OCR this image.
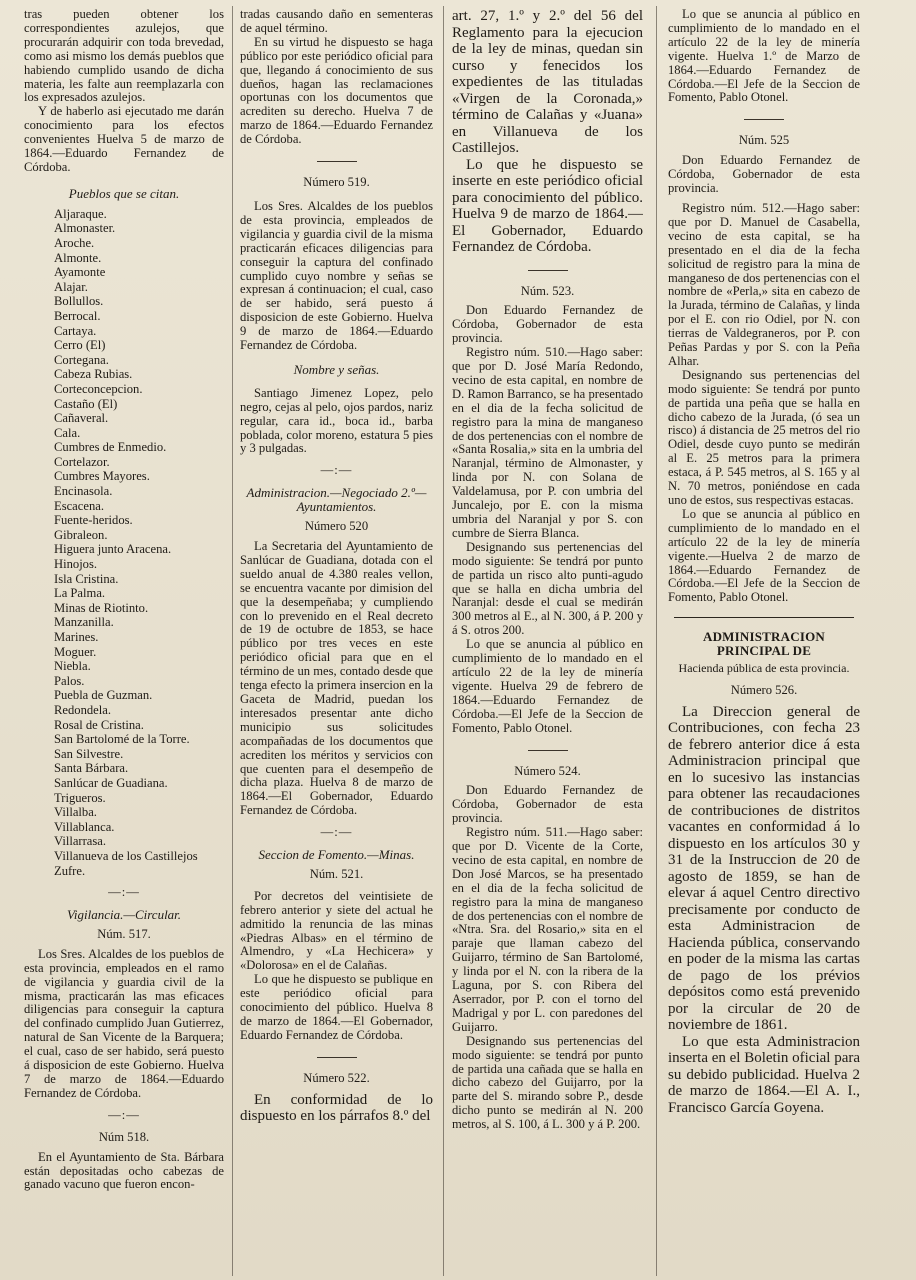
tras pueden obtener los correspondientes azulejos, que procurarán adquirir con toda brevedad, como asi mismo los demás pueblos que habiendo cumplido usando de dicha materia, les falte aun reemplazarla con los expresados azulejos.

Y de haberlo asi ejecutado me darán conocimiento para los efectos convenientes Huelva 5 de marzo de 1864.—Eduardo Fernandez de Córdoba.

Pueblos que se citan.

Aljaraque.
Almonaster.
Aroche.
Almonte.
Ayamonte
Alajar.
Bollullos.
Berrocal.
Cartaya.
Cerro (El)
Cortegana.
Cabeza Rubias.
Corteconcepcion.
Castaño (El)
Cañaveral.
Cala.
Cumbres de Enmedio.
Cortelazor.
Cumbres Mayores.
Encinasola.
Escacena.
Fuente-heridos.
Gibraleon.
Higuera junto Aracena.
Hinojos.
Isla Cristina.
La Palma.
Minas de Riotinto.
Manzanilla.
Marines.
Moguer.
Niebla.
Palos.
Puebla de Guzman.
Redondela.
Rosal de Cristina.
San Bartolomé de la Torre.
San Silvestre.
Santa Bárbara.
Sanlúcar de Guadiana.
Trigueros.
Villalba.
Villablanca.
Villarrasa.
Villanueva de los Castillejos
Zufre.

—:—

Vigilancia.—Circular.

Núm. 517.

Los Sres. Alcaldes de los pueblos de esta provincia, empleados en el ramo de vigilancia y guardia civil de la misma, practicarán las mas eficaces diligencias para conseguir la captura del confinado cumplido Juan Gutierrez, natural de San Vicente de la Barquera; el cual, caso de ser habido, será puesto á disposicion de este Gobierno. Huelva 7 de marzo de 1864.—Eduardo Fernandez de Córdoba.

—:—

Núm 518.

En el Ayuntamiento de Sta. Bárbara están depositadas ocho cabezas de ganado vacuno que fueron encon-

tradas causando daño en sementeras de aquel término.

En su virtud he dispuesto se haga público por este periódico oficial para que, llegando á conocimiento de sus dueños, hagan las reclamaciones oportunas con los documentos que acrediten su derecho. Huelva 7 de marzo de 1864.—Eduardo Fernandez de Córdoba.

Número 519.

Los Sres. Alcaldes de los pueblos de esta provincia, empleados de vigilancia y guardia civil de la misma practicarán eficaces diligencias para conseguir la captura del confinado cumplido cuyo nombre y señas se expresan á continuacion; el cual, caso de ser habido, será puesto á disposicion de este Gobierno. Huelva 9 de marzo de 1864.—Eduardo Fernandez de Córdoba.

Nombre y señas.

Santiago Jimenez Lopez, pelo negro, cejas al pelo, ojos pardos, nariz regular, cara id., boca id., barba poblada, color moreno, estatura 5 pies y 3 pulgadas.

—:—

Administracion.—Negociado 2.º—Ayuntamientos.

Número 520

La Secretaria del Ayuntamiento de Sanlúcar de Guadiana, dotada con el sueldo anual de 4.380 reales vellon, se encuentra vacante por dimision del que la desempeñaba; y cumpliendo con lo prevenido en el Real decreto de 19 de octubre de 1853, se hace público por tres veces en este periódico oficial para que en el término de un mes, contado desde que tenga efecto la primera insercion en la Gaceta de Madrid, puedan los interesados presentar ante dicho municipio sus solicitudes acompañadas de los documentos que acrediten los méritos y servicios con que cuenten para el desempeño de dicha plaza. Huelva 8 de marzo de 1864.—El Gobernador, Eduardo Fernandez de Córdoba.

—:—

Seccion de Fomento.—Minas.

Núm. 521.

Por decretos del veintisiete de febrero anterior y siete del actual he admitido la renuncia de las minas «Piedras Albas» en el término de Almendro, y «La Hechicera» y «Dolorosa» en el de Calañas.

Lo que he dispuesto se publique en este periódico oficial para conocimiento del público. Huelva 8 de marzo de 1864.—El Gobernador, Eduardo Fernandez de Córdoba.

Número 522.

En conformidad de lo dispuesto en los párrafos 8.º del

art. 27, 1.º y 2.º del 56 del Reglamento para la ejecucion de la ley de minas, quedan sin curso y fenecidos los expedientes de las tituladas «Virgen de la Coronada,» término de Calañas y «Juana» en Villanueva de los Castillejos.

Lo que he dispuesto se inserte en este periódico oficial para conocimiento del público. Huelva 9 de marzo de 1864.—El Gobernador, Eduardo Fernandez de Córdoba.

Núm. 523.

Don Eduardo Fernandez de Córdoba, Gobernador de esta provincia.

Registro núm. 510.—Hago saber: que por D. José María Redondo, vecino de esta capital, en nombre de D. Ramon Barranco, se ha presentado en el dia de la fecha solicitud de registro para la mina de manganeso de dos pertenencias con el nombre de «Santa Rosalia,» sita en la umbria del Naranjal, término de Almonaster, y linda por N. con Solana de Valdelamusa, por P. con umbria del Juncalejo, por E. con la misma umbria del Naranjal y por S. con cumbre de Sierra Blanca.

Designando sus pertenencias del modo siguiente: Se tendrá por punto de partida un risco alto punti-agudo que se halla en dicha umbria del Naranjal: desde el cual se medirán 300 metros al E., al N. 300, á P. 200 y á S. otros 200.

Lo que se anuncia al público en cumplimiento de lo mandado en el artículo 22 de la ley de minería vigente. Huelva 29 de febrero de 1864.—Eduardo Fernandez de Córdoba.—El Jefe de la Seccion de Fomento, Pablo Otonel.

Número 524.

Don Eduardo Fernandez de Córdoba, Gobernador de esta provincia.

Registro núm. 511.—Hago saber: que por D. Vicente de la Corte, vecino de esta capital, en nombre de Don José Marcos, se ha presentado en el dia de la fecha solicitud de registro para la mina de manganeso de dos pertenencias con el nombre de «Ntra. Sra. del Rosario,» sita en el paraje que llaman cabezo del Guijarro, término de San Bartolomé, y linda por el N. con la ribera de la Laguna, por S. con Ribera del Aserrador, por P. con el torno del Madrigal y por L. con paredones del Guijarro.

Designando sus pertenencias del modo siguiente: se tendrá por punto de partida una cañada que se halla en dicho cabezo del Guijarro, por la parte del S. mirando sobre P., desde dicho punto se medirán al N. 200 metros, al S. 100, á L. 300 y á P. 200.

Lo que se anuncia al público en cumplimiento de lo mandado en el artículo 22 de la ley de minería vigente. Huelva 1.º de Marzo de 1864.—Eduardo Fernandez de Córdoba.—El Jefe de la Seccion de Fomento, Pablo Otonel.

Núm. 525

Don Eduardo Fernandez de Córdoba, Gobernador de esta provincia.

Registro núm. 512.—Hago saber: que por D. Manuel de Casabella, vecino de esta capital, se ha presentado en el dia de la fecha solicitud de registro para la mina de manganeso de dos pertenencias con el nombre de «Perla,» sita en cabezo de la Jurada, término de Calañas, y linda por el E. con rio Odiel, por N. con tierras de Valdegraneros, por P. con Peñas Pardas y por S. con la Peña Alhar.

Designando sus pertenencias del modo siguiente: Se tendrá por punto de partida una peña que se halla en dicho cabezo de la Jurada, (ó sea un risco) á distancia de 25 metros del rio Odiel, desde cuyo punto se medirán al E. 25 metros para la primera estaca, á P. 545 metros, al S. 165 y al N. 70 metros, poniéndose en cada uno de estos, sus respectivas estacas.

Lo que se anuncia al público en cumplimiento de lo mandado en el artículo 22 de la ley de minería vigente.—Huelva 2 de marzo de 1864.—Eduardo Fernandez de Córdoba.—El Jefe de la Seccion de Fomento, Pablo Otonel.

ADMINISTRACION PRINCIPAL DE

Hacienda pública de esta provincia.

Número 526.

La Direccion general de Contribuciones, con fecha 23 de febrero anterior dice á esta Administracion principal que en lo sucesivo las instancias para obtener las recaudaciones de contribuciones de distritos vacantes en conformidad á lo dispuesto en los artículos 30 y 31 de la Instruccion de 20 de agosto de 1859, se han de elevar á aquel Centro directivo precisamente por conducto de esta Administracion de Hacienda pública, conservando en poder de la misma las cartas de pago de los prévios depósitos como está prevenido por la circular de 20 de noviembre de 1861.

Lo que esta Administracion inserta en el Boletin oficial para su debido publicidad. Huelva 2 de marzo de 1864.—El A. I., Francisco García Goyena.
